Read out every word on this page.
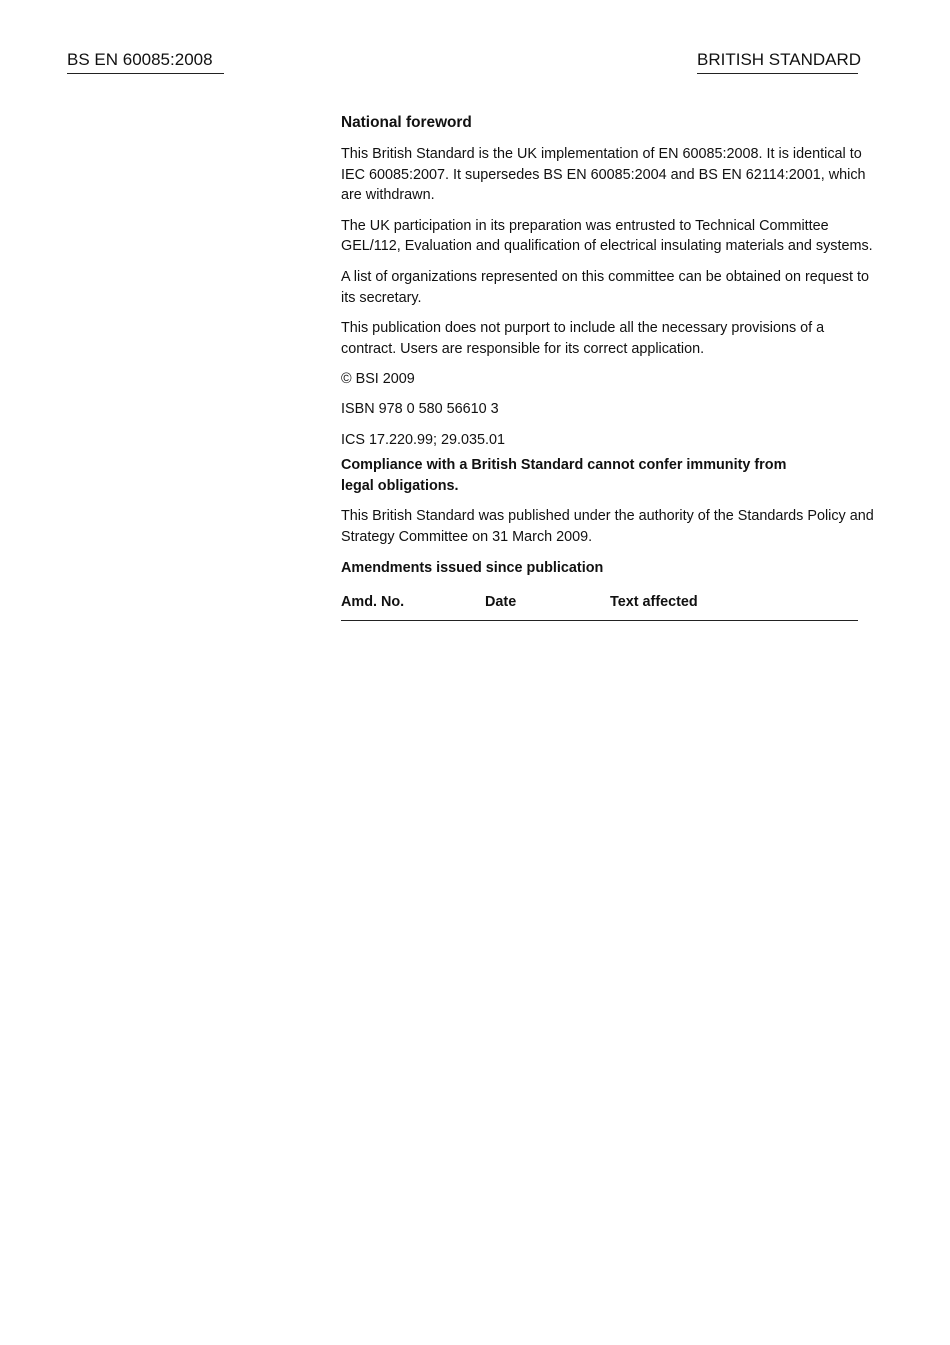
BS EN 60085:2008	BRITISH STANDARD

National foreword

This British Standard is the UK implementation of EN 60085:2008. It is identical to IEC 60085:2007. It supersedes BS EN 60085:2004 and BS EN 62114:2001, which are withdrawn.

The UK participation in its preparation was entrusted to Technical Committee GEL/112, Evaluation and qualification of electrical insulating materials and systems.

A list of organizations represented on this committee can be obtained on request to its secretary.

This publication does not purport to include all the necessary provisions of a contract. Users are responsible for its correct application.

© BSI 2009

ISBN 978 0 580 56610 3

ICS 17.220.99; 29.035.01

Compliance with a British Standard cannot confer immunity from
legal obligations.

This British Standard was published under the authority of the Standards Policy and Strategy Committee on 31 March 2009.

Amendments issued since publication

Amd. No.	Date	Text affected
